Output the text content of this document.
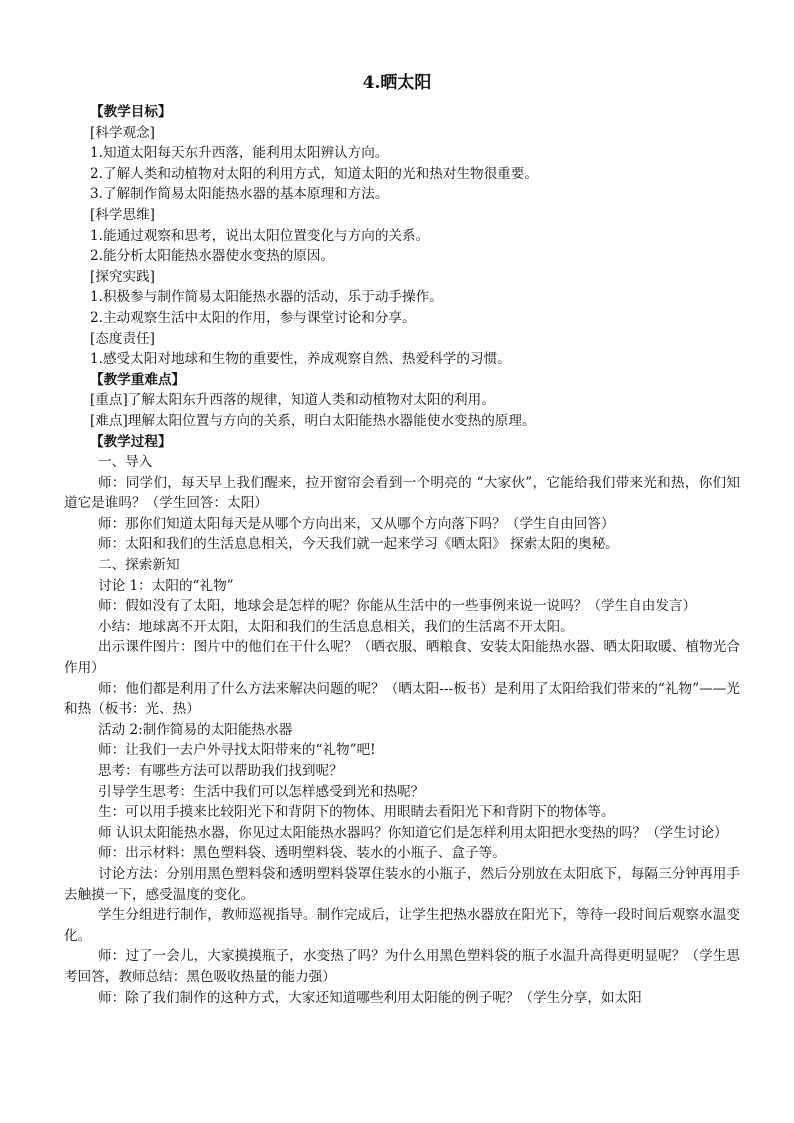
4.晒太阳
【教学目标】
[科学观念]
1.知道太阳每天东升西落，能利用太阳辨认方向。
2.了解人类和动植物对太阳的利用方式，知道太阳的光和热对生物很重要。
3.了解制作简易太阳能热水器的基本原理和方法。
[科学思维]
1.能通过观察和思考，说出太阳位置变化与方向的关系。
2.能分析太阳能热水器使水变热的原因。
[探究实践]
1.积极参与制作简易太阳能热水器的活动，乐于动手操作。
2.主动观察生活中太阳的作用，参与课堂讨论和分享。
[态度责任]
1.感受太阳对地球和生物的重要性，养成观察自然、热爱科学的习惯。
【教学重难点】
[重点]了解太阳东升西落的规律，知道人类和动植物对太阳的利用。
[难点]理解太阳位置与方向的关系，明白太阳能热水器能使水变热的原理。
【教学过程】
一、导入
师：同学们，每天早上我们醒来，拉开窗帘会看到一个明亮的 “大家伙”，它能给我们带来光和热，你们知道它是谁吗？（学生回答：太阳）
师：那你们知道太阳每天是从哪个方向出来，又从哪个方向落下吗？（学生自由回答）
师：太阳和我们的生活息息相关，今天我们就一起来学习《晒太阳》 探索太阳的奥秘。
二、探索新知
讨论 1：太阳的“礼物”
师：假如没有了太阳，地球会是怎样的呢？你能从生活中的一些事例来说一说吗？（学生自由发言）
小结：地球离不开太阳，太阳和我们的生活息息相关，我们的生活离不开太阳。
出示课件图片：图片中的他们在干什么呢？（晒衣服、晒粮食、安装太阳能热水器、晒太阳取暖、植物光合作用）
师：他们都是利用了什么方法来解决问题的呢？（晒太阳---板书）是利用了太阳给我们带来的“礼物”——光和热（板书：光、热）
活动 2:制作简易的太阳能热水器
师：让我们一去户外寻找太阳带来的“礼物”吧!
思考：有哪些方法可以帮助我们找到呢？
引导学生思考：生活中我们可以怎样感受到光和热呢？
生：可以用手摸来比较阳光下和背阴下的物体、用眼睛去看阳光下和背阴下的物体等。
师 认识太阳能热水器，你见过太阳能热水器吗？你知道它们是怎样利用太阳把水变热的吗？（学生讨论）
师：出示材料：黑色塑料袋、透明塑料袋、装水的小瓶子、盒子等。
讨论方法：分别用黑色塑料袋和透明塑料袋罩住装水的小瓶子，然后分别放在太阳底下，每隔三分钟再用手去触摸一下，感受温度的变化。
学生分组进行制作，教师巡视指导。制作完成后，让学生把热水器放在阳光下，等待一段时间后观察水温变化。
师：过了一会儿，大家摸摸瓶子，水变热了吗？为什么用黑色塑料袋的瓶子水温升高得更明显呢？（学生思考回答，教师总结：黑色吸收热量的能力强）
师：除了我们制作的这种方式，大家还知道哪些利用太阳能的例子呢？（学生分享，如太阳
